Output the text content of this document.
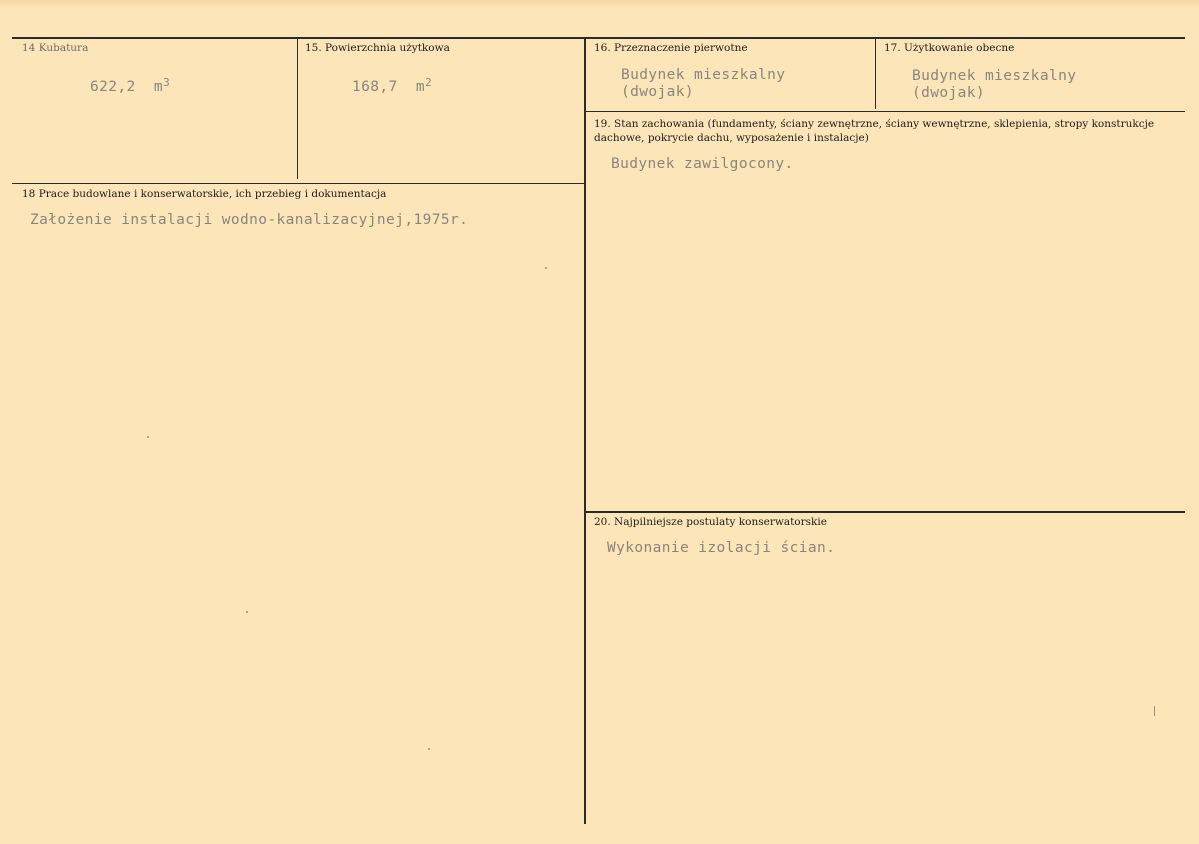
14 Kubatura
622,2 $m^3$
15. Powierzchnia użytkowa
168,7 $m^2$
16. Przeznaczenie pierwotne
Budynek mieszkalny
(dwojak)
17. Użytkowanie obecne
Budynek mieszkalny
(dwojak)
18 Prace budowlane i konserwatorskie, ich przebieg i dokumentacja
Założenie instalacji wodno-kanalizacyjnej,1975r.
19. Stan zachowania (fundamenty, ściany zewnętrzne, ściany wewnętrzne, sklepienia, stropy konstrukcje dachowe, pokrycie dachu, wyposażenie i instalacje)
Budynek zawilgocony.
20. Najpilniejsze postulaty konserwatorskie
Wykonanie izolacji ścian.
